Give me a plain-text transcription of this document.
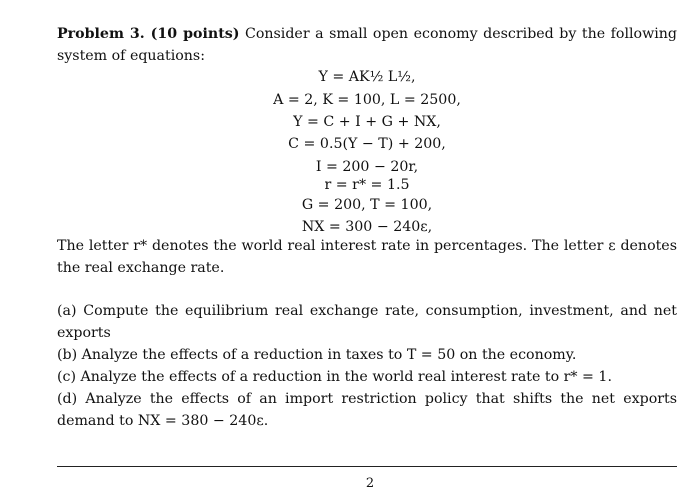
Problem 3. (10 points) Consider a small open economy described by the following
system of equations:
Y = AK½ L½,
A = 2, K = 100, L = 2500,
Y = C + I + G + NX,
C = 0.5(Y − T) + 200,
I = 200 − 20r,
r = r* = 1.5
G = 200, T = 100,
NX = 300 − 240ε,
The letter r* denotes the world real interest rate in percentages. The letter ε denotes
the real exchange rate.
(a) Compute the equilibrium real exchange rate, consumption, investment, and net
exports
(b) Analyze the effects of a reduction in taxes to T = 50 on the economy.
(c) Analyze the effects of a reduction in the world real interest rate to r* = 1.
(d) Analyze the effects of an import restriction policy that shifts the net exports
demand to NX = 380 − 240ε.
2
